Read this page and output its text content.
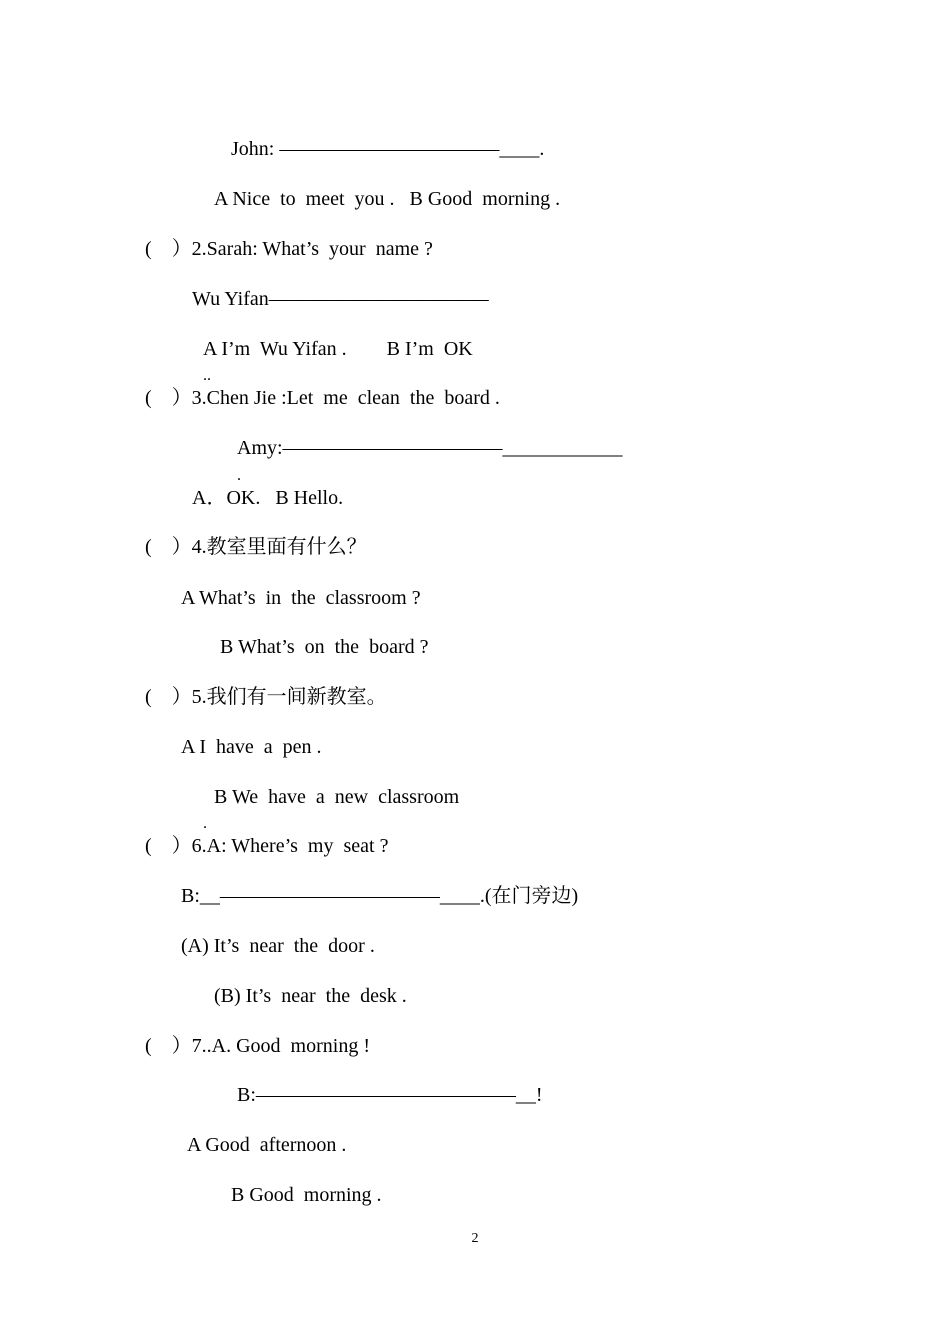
John: ———————————____.
A Nice  to  meet  you .   B Good  morning .
(    ）2.Sarah: What’s  your  name ?
Wu Yifan———————————
A I’m  Wu Yifan .        B I’m  OK
..
(    ）3.Chen Jie :Let  me  clean  the  board .
Amy:———————————____________
.
A．OK.   B Hello.
(    ）4.教室里面有什么？
A What’s  in  the  classroom ?
B What’s  on  the  board ?
(    ）5.我们有一间新教室。
A I  have  a  pen .
B We  have  a  new  classroom
.
(    ）6.A: Where’s  my  seat ?
B:__———————————____.(在门旁边)
(A) It’s  near  the  door .
(B) It’s  near  the  desk .
(    ）7..A. Good  morning !
B:—————————————__!
A Good  afternoon .
B Good  morning .
2
